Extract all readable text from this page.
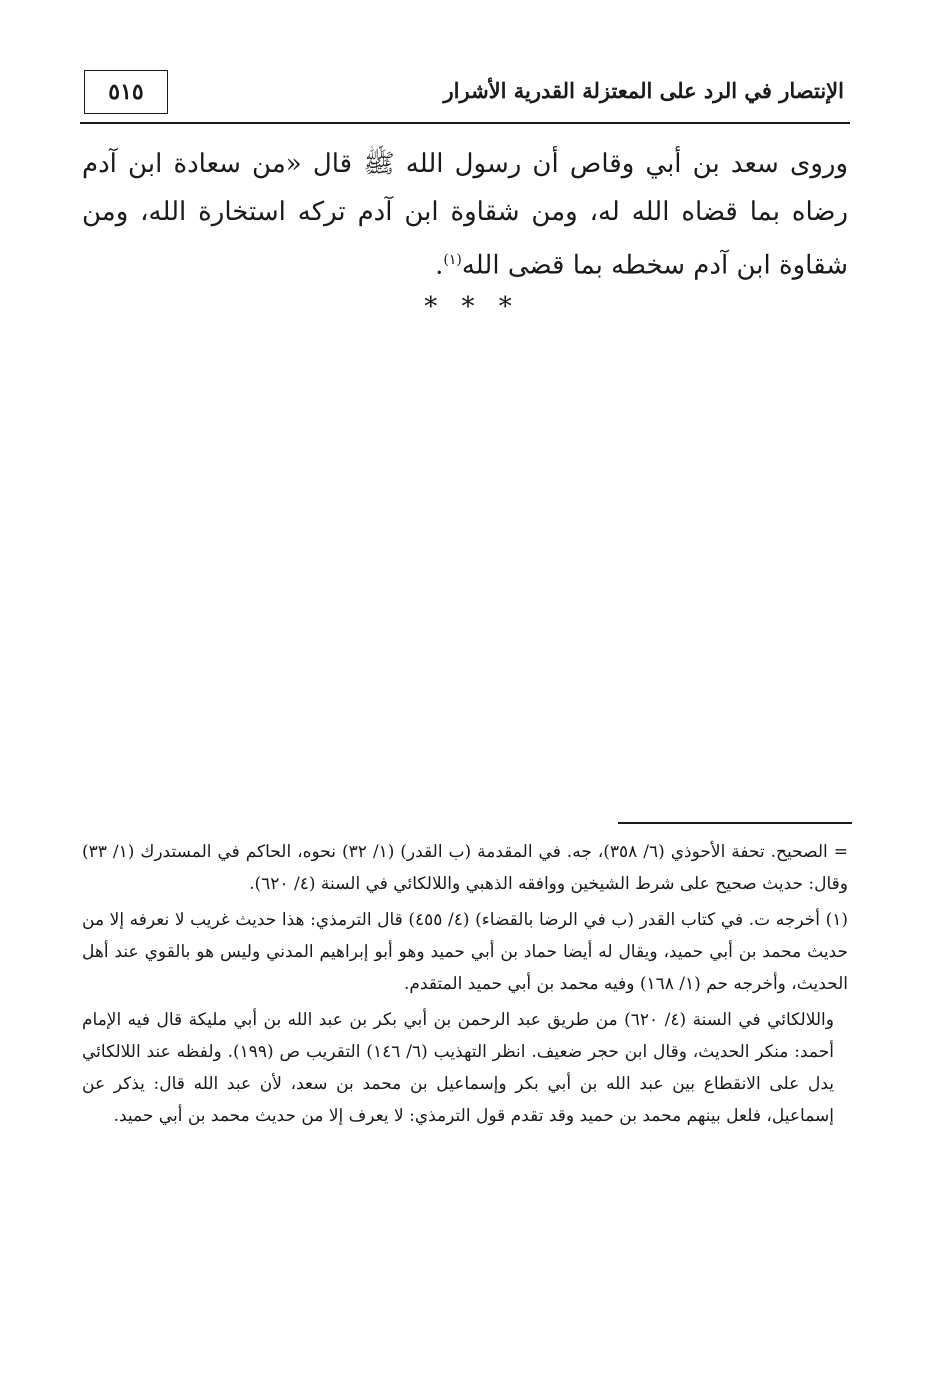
٥١٥	الإنتصار في الرد على المعتزلة القدرية الأشرار

وروى سعد بن أبي وقاص أن رسول الله ﷺ قال «من سعادة ابن آدم رضاه بما قضاه الله له، ومن شقاوة ابن آدم تركه استخارة الله، ومن شقاوة ابن آدم سخطه بما قضى الله$^{(١)}$.

* * *

= الصحيح. تحفة الأحوذي (٦/ ٣٥٨)، جه. في المقدمة (ب القدر) (١/ ٣٢) نحوه، الحاكم في المستدرك (١/ ٣٣) وقال: حديث صحيح على شرط الشيخين ووافقه الذهبي واللالكائي في السنة (٤/ ٦٢٠).

(١) أخرجه ت. في كتاب القدر (ب في الرضا بالقضاء) (٤/ ٤٥٥) قال الترمذي: هذا حديث غريب لا نعرفه إلا من حديث محمد بن أبي حميد، ويقال له أيضا حماد بن أبي حميد وهو أبو إبراهيم المدني وليس هو بالقوي عند أهل الحديث، وأخرجه حم (١/ ١٦٨) وفيه محمد بن أبي حميد المتقدم.

واللالكائي في السنة (٤/ ٦٢٠) من طريق عبد الرحمن بن أبي بكر بن عبد الله بن أبي مليكة قال فيه الإمام أحمد: منكر الحديث، وقال ابن حجر ضعيف. انظر التهذيب (٦/ ١٤٦) التقريب ص (١٩٩). ولفظه عند اللالكائي يدل على الانقطاع بين عبد الله بن أبي بكر وإسماعيل بن محمد بن سعد، لأن عبد الله قال: يذكر عن إسماعيل، فلعل بينهم محمد بن حميد وقد تقدم قول الترمذي: لا يعرف إلا من حديث محمد بن أبي حميد.
